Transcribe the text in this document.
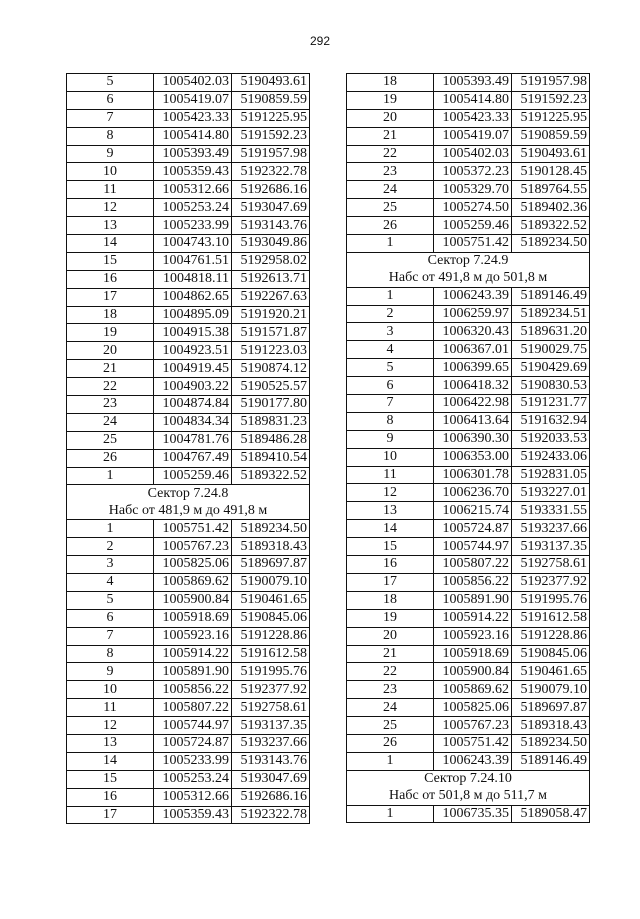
292
5	1005402.03	5190493.61
6	1005419.07	5190859.59
7	1005423.33	5191225.95
8	1005414.80	5191592.23
9	1005393.49	5191957.98
10	1005359.43	5192322.78
11	1005312.66	5192686.16
12	1005253.24	5193047.69
13	1005233.99	5193143.76
14	1004743.10	5193049.86
15	1004761.51	5192958.02
16	1004818.11	5192613.71
17	1004862.65	5192267.63
18	1004895.09	5191920.21
19	1004915.38	5191571.87
20	1004923.51	5191223.03
21	1004919.45	5190874.12
22	1004903.22	5190525.57
23	1004874.84	5190177.80
24	1004834.34	5189831.23
25	1004781.76	5189486.28
26	1004767.49	5189410.54
1	1005259.46	5189322.52
Сектор 7.24.8		
Набс от 481,9 м до 491,8 м		
1	1005751.42	5189234.50
2	1005767.23	5189318.43
3	1005825.06	5189697.87
4	1005869.62	5190079.10
5	1005900.84	5190461.65
6	1005918.69	5190845.06
7	1005923.16	5191228.86
8	1005914.22	5191612.58
9	1005891.90	5191995.76
10	1005856.22	5192377.92
11	1005807.22	5192758.61
12	1005744.97	5193137.35
13	1005724.87	5193237.66
14	1005233.99	5193143.76
15	1005253.24	5193047.69
16	1005312.66	5192686.16
17	1005359.43	5192322.78
18	1005393.49	5191957.98
19	1005414.80	5191592.23
20	1005423.33	5191225.95
21	1005419.07	5190859.59
22	1005402.03	5190493.61
23	1005372.23	5190128.45
24	1005329.70	5189764.55
25	1005274.50	5189402.36
26	1005259.46	5189322.52
1	1005751.42	5189234.50
Сектор 7.24.9		
Набс от 491,8 м до 501,8 м		
1	1006243.39	5189146.49
2	1006259.97	5189234.51
3	1006320.43	5189631.20
4	1006367.01	5190029.75
5	1006399.65	5190429.69
6	1006418.32	5190830.53
7	1006422.98	5191231.77
8	1006413.64	5191632.94
9	1006390.30	5192033.53
10	1006353.00	5192433.06
11	1006301.78	5192831.05
12	1006236.70	5193227.01
13	1006215.74	5193331.55
14	1005724.87	5193237.66
15	1005744.97	5193137.35
16	1005807.22	5192758.61
17	1005856.22	5192377.92
18	1005891.90	5191995.76
19	1005914.22	5191612.58
20	1005923.16	5191228.86
21	1005918.69	5190845.06
22	1005900.84	5190461.65
23	1005869.62	5190079.10
24	1005825.06	5189697.87
25	1005767.23	5189318.43
26	1005751.42	5189234.50
1	1006243.39	5189146.49
Сектор 7.24.10		
Набс от 501,8 м до 511,7 м		
1	1006735.35	5189058.47
